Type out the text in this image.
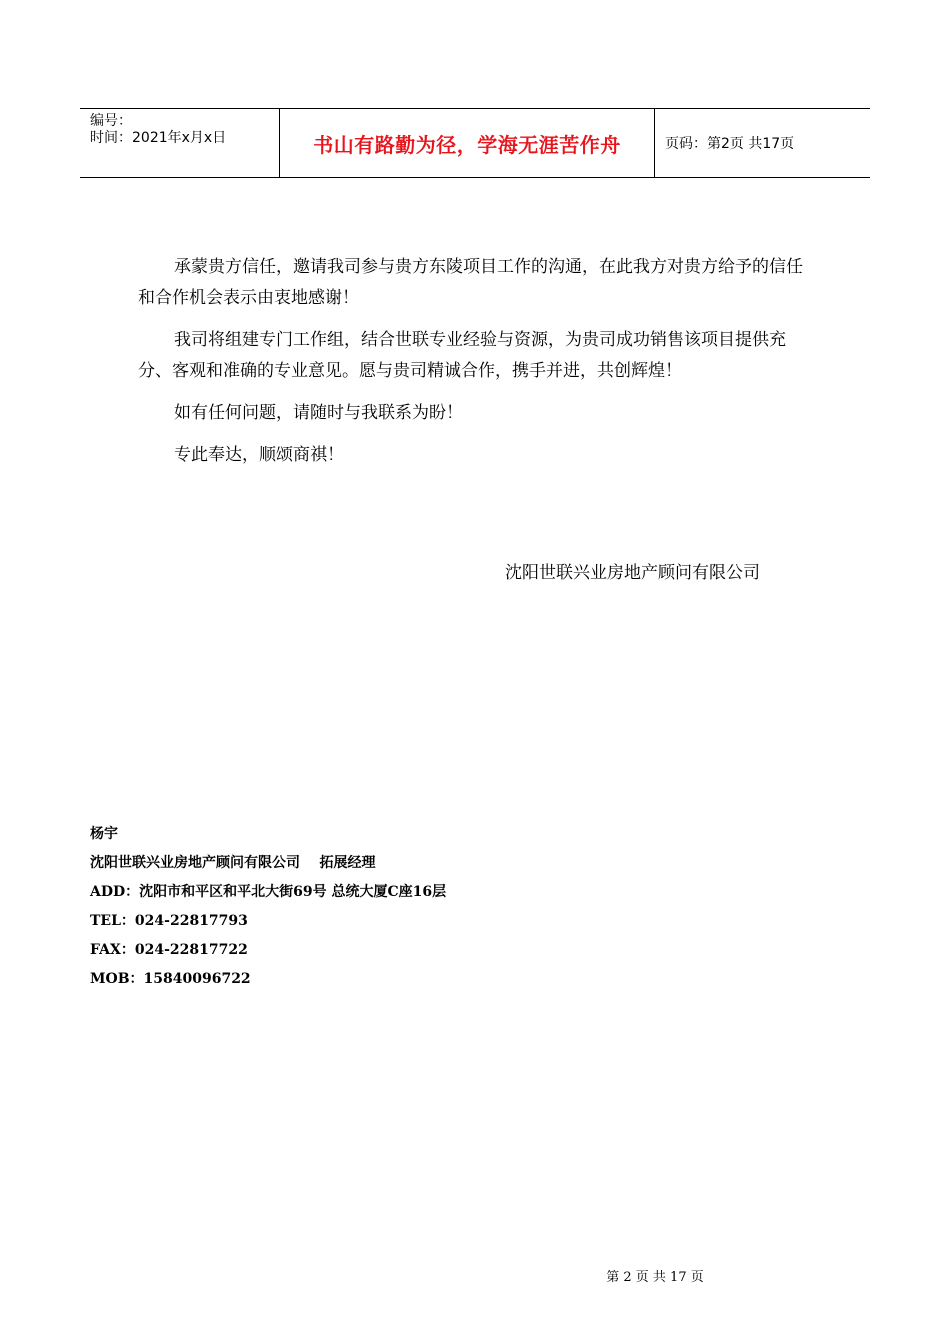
编号：
时间：2021年x月x日	书山有路勤为径，学海无涯苦作舟	页码：第2页 共17页

承蒙贵方信任，邀请我司参与贵方东陵项目工作的沟通，在此我方对贵方给予的信任和合作机会表示由衷地感谢！

我司将组建专门工作组，结合世联专业经验与资源，为贵司成功销售该项目提供充分、客观和准确的专业意见。愿与贵司精诚合作，携手并进，共创辉煌！

如有任何问题，请随时与我联系为盼！

专此奉达，顺颂商祺！

沈阳世联兴业房地产顾问有限公司
杨宇
沈阳世联兴业房地产顾问有限公司    拓展经理
ADD：沈阳市和平区和平北大街69号 总统大厦C座16层
TEL：024-22817793
FAX：024-22817722
MOB：15840096722
第 2 页 共 17 页
